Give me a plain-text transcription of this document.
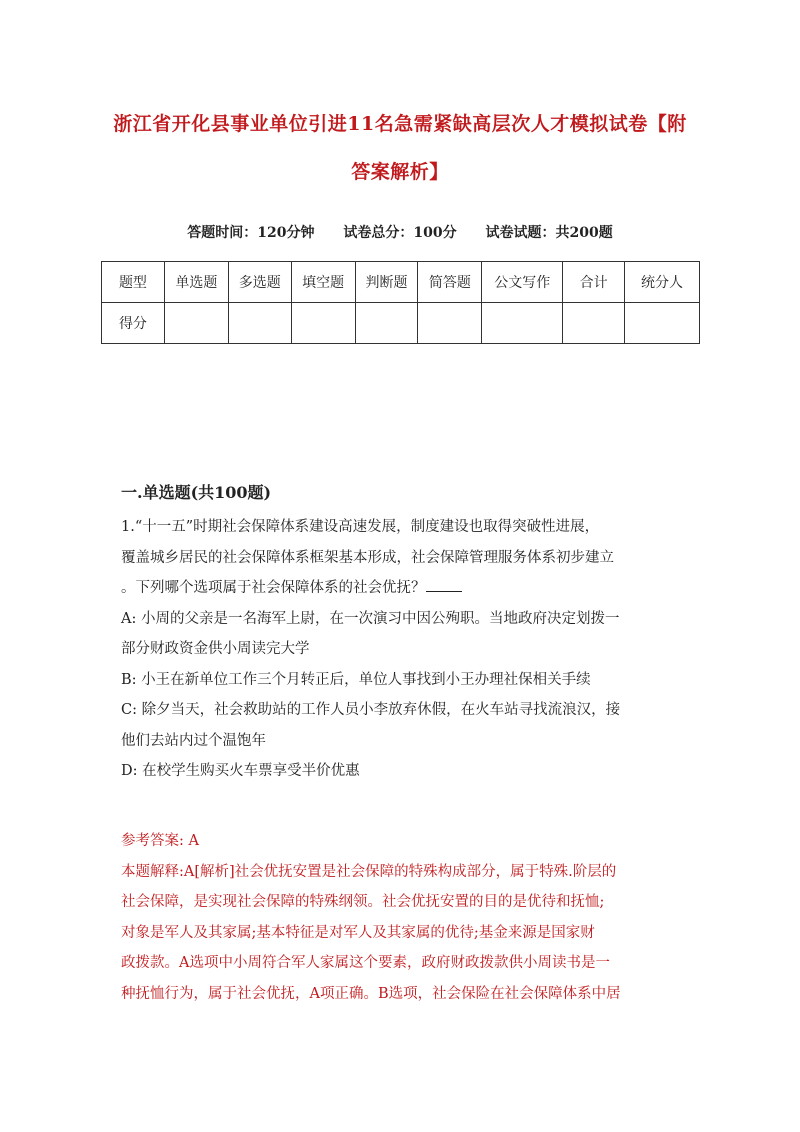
浙江省开化县事业单位引进11名急需紧缺高层次人才模拟试卷【附
答案解析】
答题时间：120分钟 试卷总分：100分 试卷试题：共200题
题型	单选题	多选题	填空题	判断题	简答题	公文写作	合计	统分人
得分								
一.单选题(共100题)

1.“十一五”时期社会保障体系建设高速发展，制度建设也取得突破性进展，

覆盖城乡居民的社会保障体系框架基本形成，社会保障管理服务体系初步建立

。下列哪个选项属于社会保障体系的社会优抚？

A: 小周的父亲是一名海军上尉，在一次演习中因公殉职。当地政府决定划拨一

部分财政资金供小周读完大学

B: 小王在新单位工作三个月转正后，单位人事找到小王办理社保相关手续

C: 除夕当天，社会救助站的工作人员小李放弃休假，在火车站寻找流浪汉，接

他们去站内过个温饱年

D: 在校学生购买火车票享受半价优惠

参考答案: A

本题解释:A[解析]社会优抚安置是社会保障的特殊构成部分，属于特殊.阶层的

社会保障，是实现社会保障的特殊纲领。社会优抚安置的目的是优待和抚恤;

对象是军人及其家属;基本特征是对军人及其家属的优待;基金来源是国家财

政拨款。A选项中小周符合军人家属这个要素，政府财政拨款供小周读书是一

种抚恤行为，属于社会优抚，A项正确。B选项，社会保险在社会保障体系中居
